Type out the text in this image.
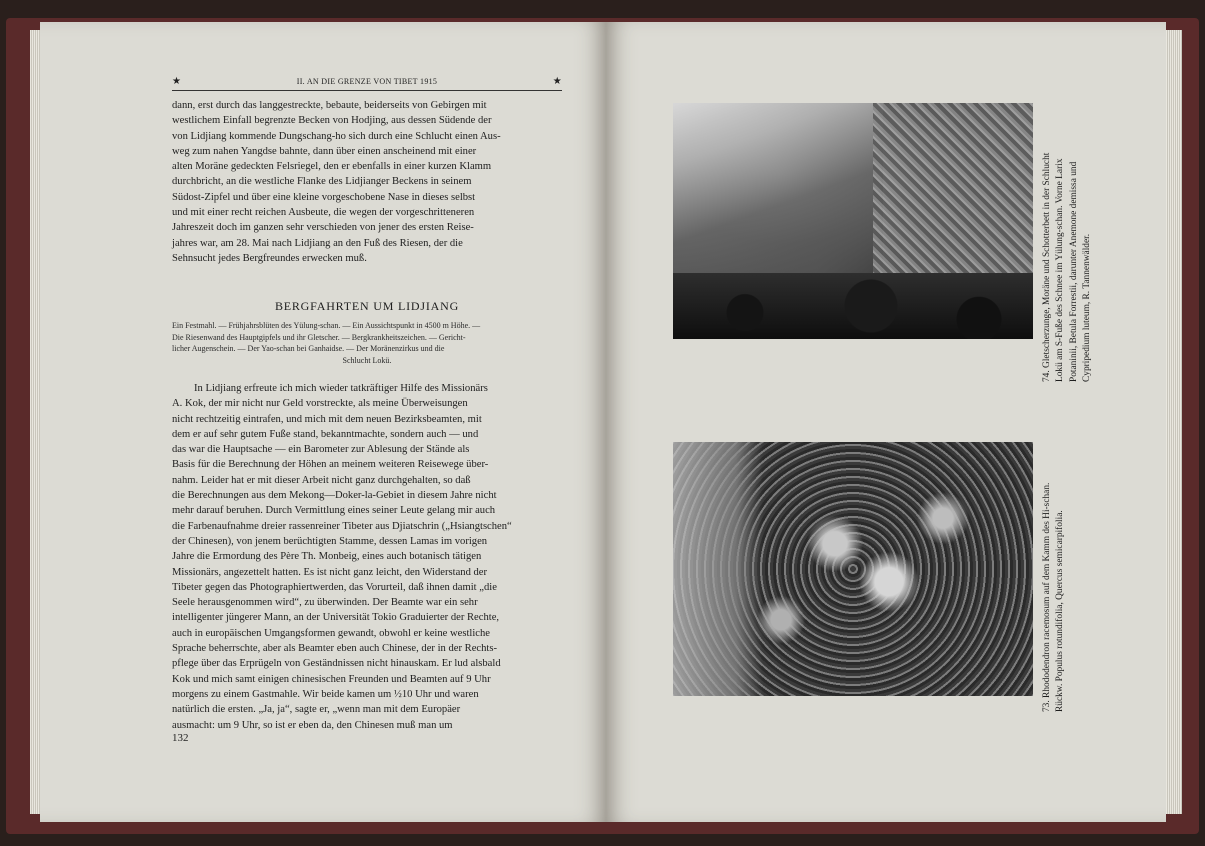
★	II. AN DIE GRENZE VON TIBET 1915	★

dann, erst durch das langgestreckte, bebaute, beiderseits von Gebirgen mit

westlichem Einfall begrenzte Becken von Hodjing, aus dessen Südende der

von Lidjiang kommende Dungschang-ho sich durch eine Schlucht einen Aus-

weg zum nahen Yangdse bahnte, dann über einen anscheinend mit einer

alten Moräne gedeckten Felsriegel, den er ebenfalls in einer kurzen Klamm

durchbricht, an die westliche Flanke des Lidjianger Beckens in seinem

Südost-Zipfel und über eine kleine vorgeschobene Nase in dieses selbst

und mit einer recht reichen Ausbeute, die wegen der vorgeschritteneren

Jahreszeit doch im ganzen sehr verschieden von jener des ersten Reise-

jahres war, am 28. Mai nach Lidjiang an den Fuß des Riesen, der die

Sehnsucht jedes Bergfreundes erwecken muß.

BERGFAHRTEN UM LIDJIANG
Ein Festmahl. — Frühjahrsblüten des Yülung-schan. — Ein Aussichtspunkt in 4500 m Höhe. —
Die Riesenwand des Hauptgipfels und ihr Gletscher. — Bergkrankheitszeichen. — Gericht-
licher Augenschein. — Der Yao-schan bei Ganhaidse. — Der Moränenzirkus und die
Schlucht Lokü.

In Lidjiang erfreute ich mich wieder tatkräftiger Hilfe des Missionärs

A. Kok, der mir nicht nur Geld vorstreckte, als meine Überweisungen

nicht rechtzeitig eintrafen, und mich mit dem neuen Bezirksbeamten, mit

dem er auf sehr gutem Fuße stand, bekanntmachte, sondern auch — und

das war die Hauptsache — ein Barometer zur Ablesung der Stände als

Basis für die Berechnung der Höhen an meinem weiteren Reisewege über-

nahm. Leider hat er mit dieser Arbeit nicht ganz durchgehalten, so daß

die Berechnungen aus dem Mekong—Doker-la-Gebiet in diesem Jahre nicht

mehr darauf beruhen. Durch Vermittlung eines seiner Leute gelang mir auch

die Farbenaufnahme dreier rassenreiner Tibeter aus Djiatschrin („Hsiangtschen“

der Chinesen), von jenem berüchtigten Stamme, dessen Lamas im vorigen

Jahre die Ermordung des Père Th. Monbeig, eines auch botanisch tätigen

Missionärs, angezettelt hatten. Es ist nicht ganz leicht, den Widerstand der

Tibeter gegen das Photographiertwerden, das Vorurteil, daß ihnen damit „die

Seele herausgenommen wird“, zu überwinden. Der Beamte war ein sehr

intelligenter jüngerer Mann, an der Universität Tokio Graduierter der Rechte,

auch in europäischen Umgangsformen gewandt, obwohl er keine westliche

Sprache beherrschte, aber als Beamter eben auch Chinese, der in der Rechts-

pflege über das Erprügeln von Geständnissen nicht hinauskam. Er lud alsbald

Kok und mich samt einigen chinesischen Freunden und Beamten auf 9 Uhr

morgens zu einem Gastmahle. Wir beide kamen um ½10 Uhr und waren

natürlich die ersten. „Ja, ja“, sagte er, „wenn man mit dem Europäer

ausmacht: um 9 Uhr, so ist er eben da, den Chinesen muß man um

132
74. Gletscherzunge, Moräne und Schotterbett in der Schlucht Lokü am S-Fuße des Schnee im Yülung-schan. Vorne Larix Potaninii, Betula Forrestii, darunter Anemone demissa und Cypripedium luteum, R. Tannenwälder.
73. Rhododendron racemosum auf dem Kamm des Hi-schan. Rückw. Populus rotundifolia, Quercus semicarpifolia.
